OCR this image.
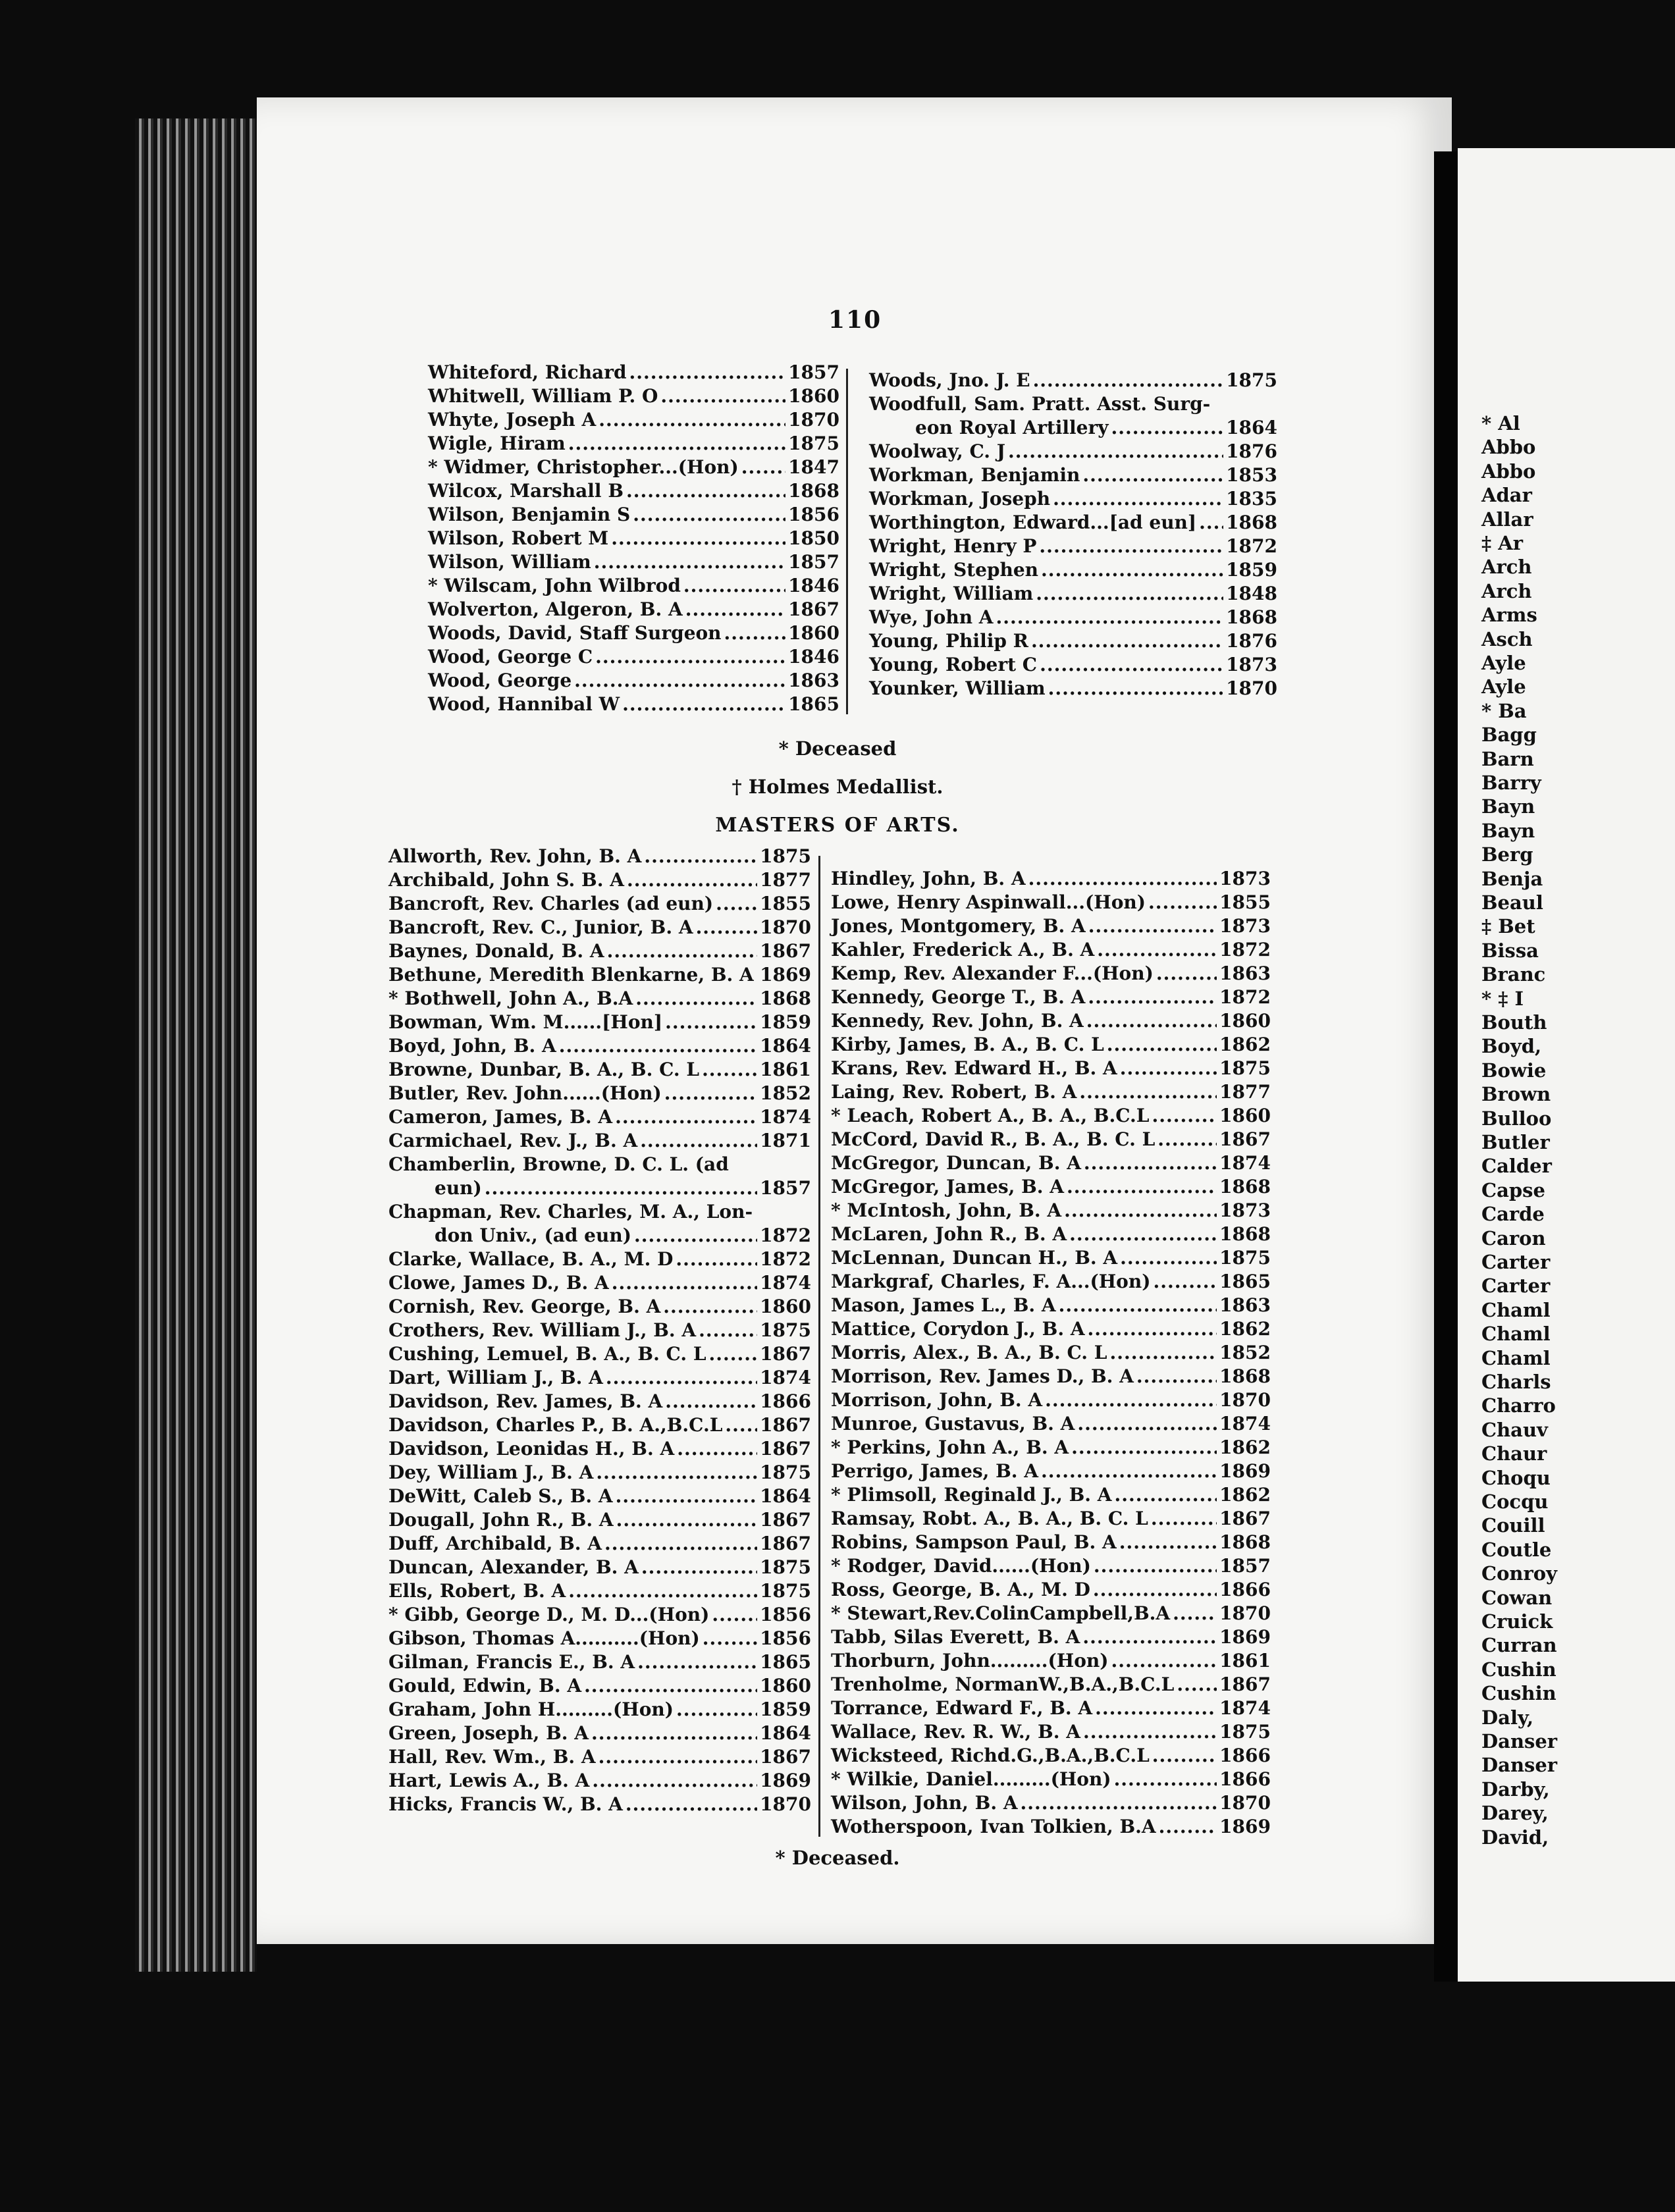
* Al
Abbo
Abbo
Adar
Allar
‡ Ar
Arch
Arch
Arms
Asch
Ayle
Ayle
* Ba
Bagg
Barn
Barry
Bayn
Bayn
Berg
Benja
Beaul
‡ Bet
Bissa
Branc
* ‡ I
Bouth
Boyd,
Bowie
Brown
Bulloo
Butler
Calder
Capse
Carde
Caron
Carter
Carter
Chaml
Chaml
Chaml
Charls
Charro
Chauv
Chaur
Choqu
Cocqu
Couill
Coutle
Conroy
Cowan
Cruick
Curran
Cushin
Cushin
Daly,
Danser
Danser
Darby,
Darey,
David,
110
Whiteford, Richard .....	1857
Whitwell, William P. O .....	1860
Whyte, Joseph A .....	1870
Wigle, Hiram .....	1875
* Widmer, Christopher...(Hon) .....	1847
Wilcox, Marshall B .....	1868
Wilson, Benjamin S .....	1856
Wilson, Robert M .....	1850
Wilson, William .....	1857
* Wilscam, John Wilbrod .....	1846
Wolverton, Algeron, B. A .....	1867
Woods, David, Staff Surgeon .....	1860
Wood, George C .....	1846
Wood, George .....	1863
Wood, Hannibal W .....	1865
Woods, Jno. J. E .....	1875
Woodfull, Sam. Pratt. Asst. Surg-
eon Royal Artillery .....	1864
Woolway, C. J .....	1876
Workman, Benjamin .....	1853
Workman, Joseph .....	1835
Worthington, Edward...[ad eun] ..... 1868
Wright, Henry P .....	1872
Wright, Stephen .....	1859
Wright, William .....	1848
Wye, John A .....	1868
Young, Philip R .....	1876
Young, Robert C .....	1873
Younker, William .....	1870
* Deceased
† Holmes Medallist.
MASTERS OF ARTS.
Allworth, Rev. John, B. A .....	1875
Archibald, John S. B. A .....	1877
Bancroft, Rev. Charles (ad eun) .....	1855
Bancroft, Rev. C., Junior, B. A .....	1870
Baynes, Donald, B. A .....	1867
Bethune, Meredith Blenkarne, B. A ..... 1869
* Bothwell, John A., B.A .....	1868
Bowman, Wm. M......[Hon] .....	1859
Boyd, John, B. A .....	1864
Browne, Dunbar, B. A., B. C. L .....	1861
Butler, Rev. John......(Hon) .....	1852
Cameron, James, B. A .....	1874
Carmichael, Rev. J., B. A .....	1871
Chamberlin, Browne, D. C. L. (ad
eun) .....	1857
Chapman, Rev. Charles, M. A., Lon-
don Univ., (ad eun) .....	1872
Clarke, Wallace, B. A., M. D .....	1872
Clowe, James D., B. A .....	1874
Cornish, Rev. George, B. A .....	1860
Crothers, Rev. William J., B. A .....	1875
Cushing, Lemuel, B. A., B. C. L .....	1867
Dart, William J., B. A .....	1874
Davidson, Rev. James, B. A .....	1866
Davidson, Charles P., B. A.,B.C.L ..... 1867
Davidson, Leonidas H., B. A .....	1867
Dey, William J., B. A .....	1875
DeWitt, Caleb S., B. A .....	1864
Dougall, John R., B. A .....	1867
Duff, Archibald, B. A .....	1867
Duncan, Alexander, B. A .....	1875
Ells, Robert, B. A .....	1875
* Gibb, George D., M. D...(Hon) .....	1856
Gibson, Thomas A..........(Hon) .....	1856
Gilman, Francis E., B. A .....	1865
Gould, Edwin, B. A .....	1860
Graham, John H.........(Hon) .....	1859
Green, Joseph, B. A .....	1864
Hall, Rev. Wm., B. A .....	1867
Hart, Lewis A., B. A .....	1869
Hicks, Francis W., B. A .....	1870
Hindley, John, B. A .....	1873
Lowe, Henry Aspinwall...(Hon) .....	1855
Jones, Montgomery, B. A .....	1873
Kahler, Frederick A., B. A .....	1872
Kemp, Rev. Alexander F...(Hon) .....	1863
Kennedy, George T., B. A .....	1872
Kennedy, Rev. John, B. A .....	1860
Kirby, James, B. A., B. C. L .....	1862
Krans, Rev. Edward H., B. A .....	1875
Laing, Rev. Robert, B. A .....	1877
* Leach, Robert A., B. A., B.C.L .....	1860
McCord, David R., B. A., B. C. L .....	1867
McGregor, Duncan, B. A .....	1874
McGregor, James, B. A .....	1868
* McIntosh, John, B. A .....	1873
McLaren, John R., B. A .....	1868
McLennan, Duncan H., B. A .....	1875
Markgraf, Charles, F. A...(Hon) .....	1865
Mason, James L., B. A .....	1863
Mattice, Corydon J., B. A .....	1862
Morris, Alex., B. A., B. C. L .....	1852
Morrison, Rev. James D., B. A .....	1868
Morrison, John, B. A .....	1870
Munroe, Gustavus, B. A .....	1874
* Perkins, John A., B. A .....	1862
Perrigo, James, B. A .....	1869
* Plimsoll, Reginald J., B. A .....	1862
Ramsay, Robt. A., B. A., B. C. L .....	1867
Robins, Sampson Paul, B. A .....	1868
* Rodger, David......(Hon) .....	1857
Ross, George, B. A., M. D .....	1866
* Stewart,Rev.ColinCampbell,B.A .....	1870
Tabb, Silas Everett, B. A .....	1869
Thorburn, John.........(Hon) .....	1861
Trenholme, NormanW.,B.A.,B.C.L ..... 1867
Torrance, Edward F., B. A .....	1874
Wallace, Rev. R. W., B. A .....	1875
Wicksteed, Richd.G.,B.A.,B.C.L .....	1866
* Wilkie, Daniel.........(Hon) .....	1866
Wilson, John, B. A .....	1870
Wotherspoon, Ivan Tolkien, B.A .....	1869
* Deceased.
